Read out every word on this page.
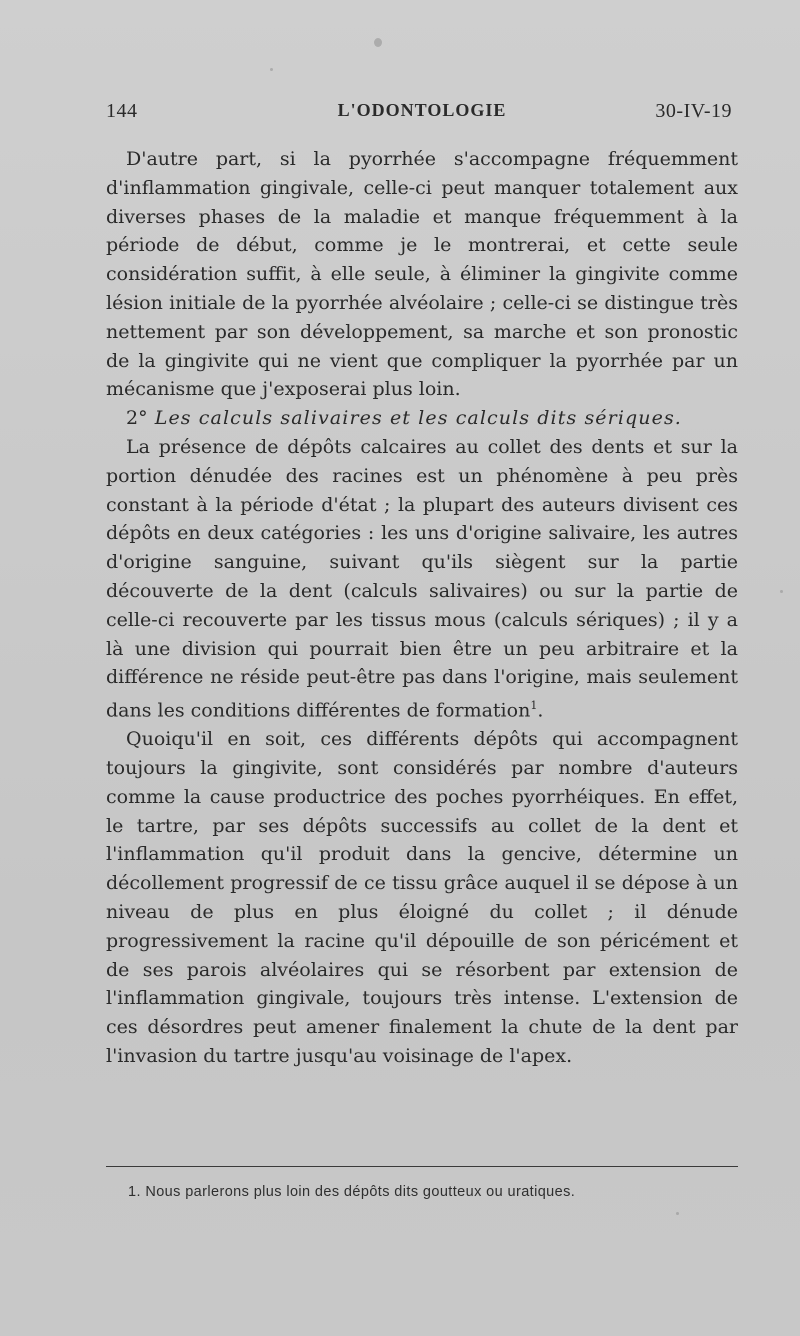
144	L'ODONTOLOGIE	30-IV-19

D'autre part, si la pyorrhée s'accompagne fréquemment d'inflammation gingivale, celle-ci peut manquer totalement aux diverses phases de la maladie et manque fréquemment à la période de début, comme je le montrerai, et cette seule considération suffit, à elle seule, à éliminer la gingivite comme lésion initiale de la pyorrhée alvéolaire ; celle-ci se distingue très nettement par son développement, sa marche et son pronostic de la gingivite qui ne vient que compliquer la pyorrhée par un mécanisme que j'exposerai plus loin.

2° Les calculs salivaires et les calculs dits sériques.

La présence de dépôts calcaires au collet des dents et sur la portion dénudée des racines est un phénomène à peu près constant à la période d'état ; la plupart des auteurs divisent ces dépôts en deux catégories : les uns d'origine salivaire, les autres d'origine sanguine, suivant qu'ils siègent sur la partie découverte de la dent (calculs salivaires) ou sur la partie de celle-ci recouverte par les tissus mous (calculs sériques) ; il y a là une division qui pourrait bien être un peu arbitraire et la différence ne réside peut-être pas dans l'origine, mais seulement dans les conditions différentes de formation$^1$.

Quoiqu'il en soit, ces différents dépôts qui accompagnent toujours la gingivite, sont considérés par nombre d'auteurs comme la cause productrice des poches pyorrhéiques. En effet, le tartre, par ses dépôts successifs au collet de la dent et l'inflammation qu'il produit dans la gencive, détermine un décollement progressif de ce tissu grâce auquel il se dépose à un niveau de plus en plus éloigné du collet ; il dénude progressivement la racine qu'il dépouille de son péricément et de ses parois alvéolaires qui se résorbent par extension de l'inflammation gingivale, toujours très intense. L'extension de ces désordres peut amener finalement la chute de la dent par l'invasion du tartre jusqu'au voisinage de l'apex.

1. Nous parlerons plus loin des dépôts dits goutteux ou uratiques.
